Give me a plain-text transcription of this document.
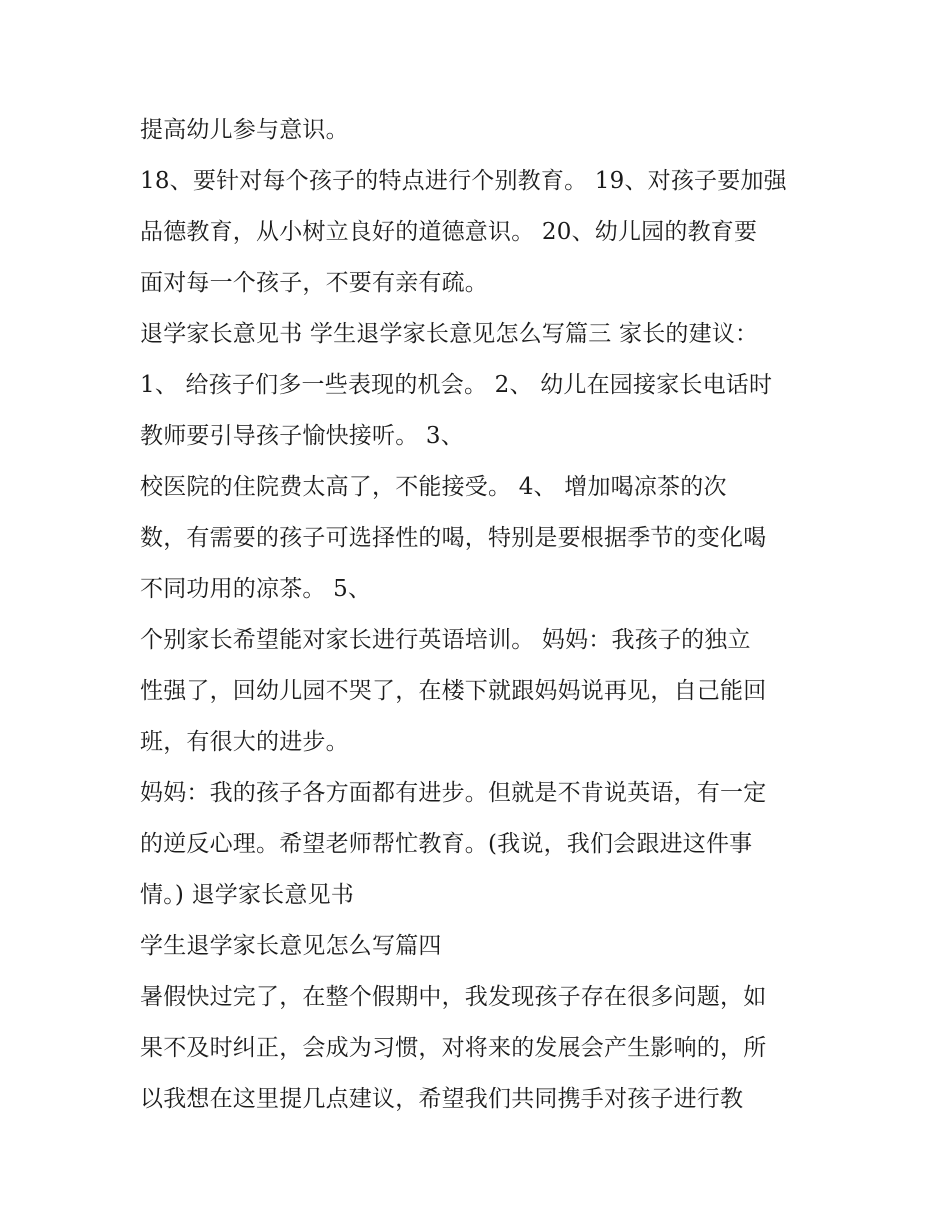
提高幼儿参与意识。
18、要针对每个孩子的特点进行个别教育。 19、对孩子要加强
品德教育，从小树立良好的道德意识。 20、幼儿园的教育要
面对每一个孩子，不要有亲有疏。
退学家长意见书 学生退学家长意见怎么写篇三 家长的建议：
1、 给孩子们多一些表现的机会。 2、 幼儿在园接家长电话时
教师要引导孩子愉快接听。 3、
校医院的住院费太高了，不能接受。 4、 增加喝凉茶的次
数，有需要的孩子可选择性的喝，特别是要根据季节的变化喝
不同功用的凉茶。 5、
个别家长希望能对家长进行英语培训。 妈妈：我孩子的独立
性强了，回幼儿园不哭了，在楼下就跟妈妈说再见，自己能回
班，有很大的进步。
妈妈：我的孩子各方面都有进步。但就是不肯说英语，有一定
的逆反心理。希望老师帮忙教育。(我说，我们会跟进这件事
情。) 退学家长意见书
学生退学家长意见怎么写篇四
暑假快过完了，在整个假期中，我发现孩子存在很多问题，如
果不及时纠正，会成为习惯，对将来的发展会产生影响的，所
以我想在这里提几点建议，希望我们共同携手对孩子进行教
